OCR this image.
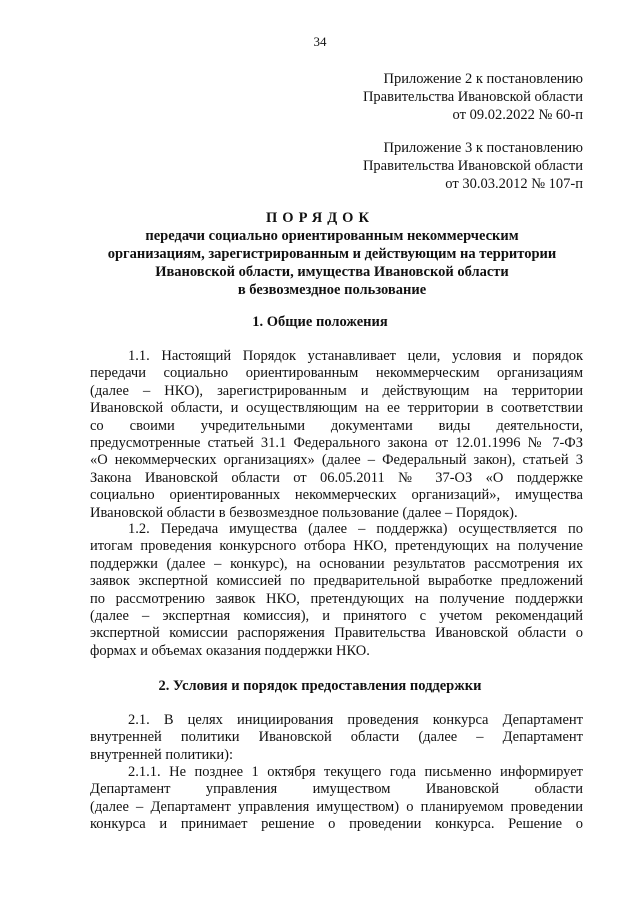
34
Приложение 2 к постановлению
Правительства Ивановской области
от 09.02.2022 № 60-п
Приложение 3 к постановлению
Правительства Ивановской области
от 30.03.2012 № 107-п
ПОРЯДОК
передачи социально ориентированным некоммерческим
организациям, зарегистрированным и действующим на территории
Ивановской области, имущества Ивановской области
в безвозмездное пользование
1. Общие положения
1.1. Настоящий Порядок устанавливает цели, условия и порядок
передачи социально ориентированным некоммерческим организациям
(далее – НКО), зарегистрированным и действующим на территории
Ивановской области, и осуществляющим на ее территории в соответствии
со своими учредительными документами виды деятельности,
предусмотренные статьей 31.1 Федерального закона от 12.01.1996 № 7-ФЗ
«О некоммерческих организациях» (далее – Федеральный закон), статьей 3
Закона Ивановской области от 06.05.2011 № 37-ОЗ «О поддержке
социально ориентированных некоммерческих организаций», имущества
Ивановской области в безвозмездное пользование (далее – Порядок).
1.2. Передача имущества (далее – поддержка) осуществляется по
итогам проведения конкурсного отбора НКО, претендующих на получение
поддержки (далее – конкурс), на основании результатов рассмотрения их
заявок экспертной комиссией по предварительной выработке предложений
по рассмотрению заявок НКО, претендующих на получение поддержки
(далее – экспертная комиссия), и принятого с учетом рекомендаций
экспертной комиссии распоряжения Правительства Ивановской области о
формах и объемах оказания поддержки НКО.
2. Условия и порядок предоставления поддержки
2.1. В целях инициирования проведения конкурса Департамент
внутренней политики Ивановской области (далее – Департамент
внутренней политики):
2.1.1. Не позднее 1 октября текущего года письменно информирует
Департамент управления имуществом Ивановской области
(далее – Департамент управления имуществом) о планируемом проведении
конкурса и принимает решение о проведении конкурса. Решение о
